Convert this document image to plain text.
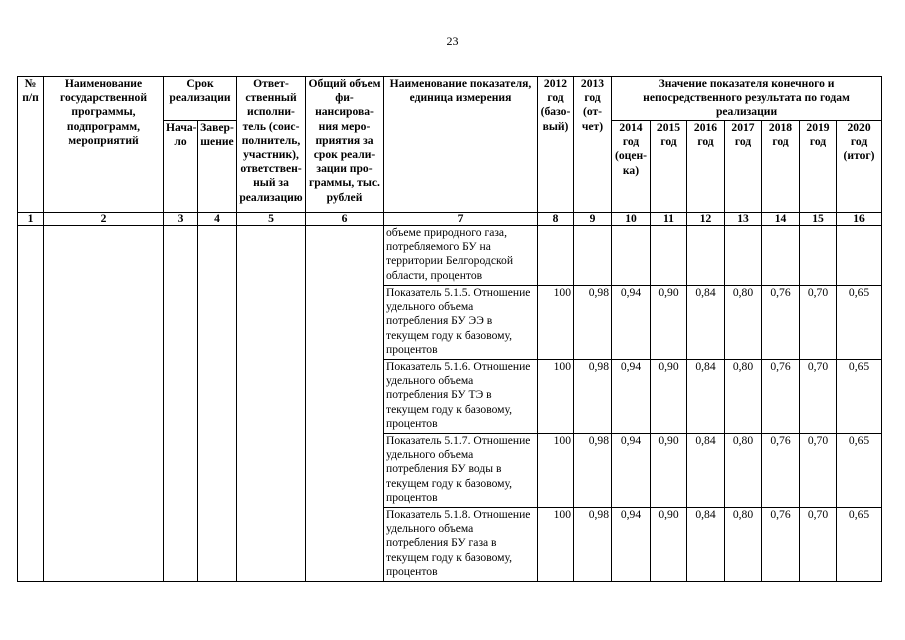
23
№ п/п	Наименование государственной программы, подпрограмм, мероприятий	Срок реализации		Ответ-ственный исполни-тель (соис-полнитель, участник), ответствен-ный за реализацию	Общий объем фи-нансирова-ния меро-приятия за срок реали-зации про-граммы, тыс. рублей	Наименование показателя, единица измерения	2012 год (базо-вый)	2013 год (от-чет)	Значение показателя конечного и непосредственного результата по годам реализации						
		Нача-ло	Завер-шение						2014 год (оцен-ка)	2015 год	2016 год	2017 год	2018 год	2019 год	2020 год (итог)
1	2	3	4	5	6	7	8	9	10	11	12	13	14	15	16
						объеме природного газа, потребляемого БУ на территории Белгородской области, процентов									
						Показатель 5.1.5. Отношение удельного объема потребления БУ ЭЭ в текущем году к базовому, процентов	100	0,98	0,94	0,90	0,84	0,80	0,76	0,70	0,65
						Показатель 5.1.6. Отношение удельного объема потребления БУ ТЭ в текущем году к базовому, процентов	100	0,98	0,94	0,90	0,84	0,80	0,76	0,70	0,65
						Показатель 5.1.7. Отношение удельного объема потребления БУ воды в текущем году к базовому, процентов	100	0,98	0,94	0,90	0,84	0,80	0,76	0,70	0,65
						Показатель 5.1.8. Отношение удельного объема потребления БУ газа в текущем году к базовому, процентов	100	0,98	0,94	0,90	0,84	0,80	0,76	0,70	0,65
